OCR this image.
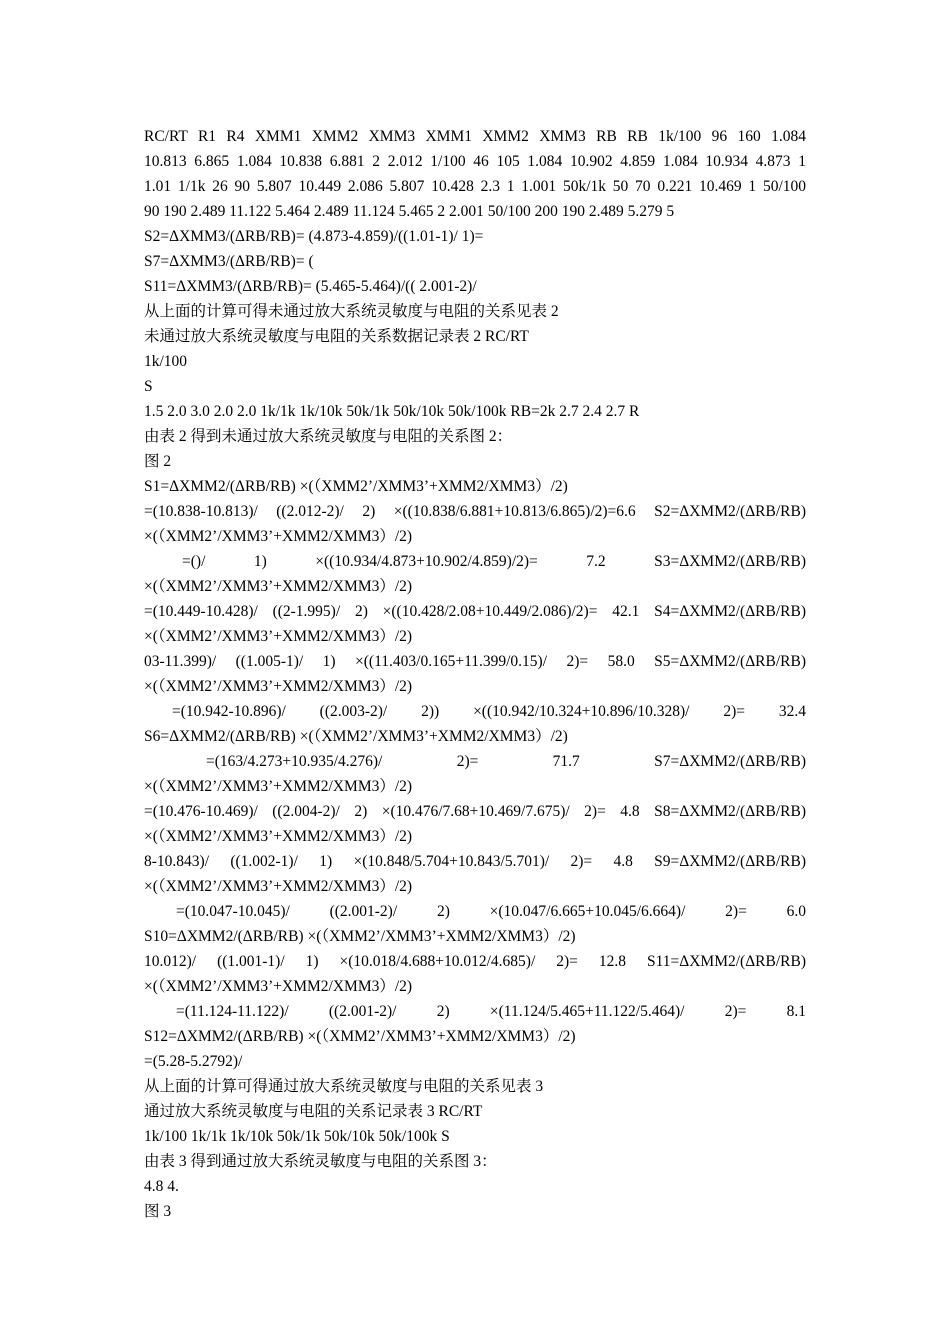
RC/RT R1 R4 XMM1 XMM2 XMM3 XMM1 XMM2 XMM3 RB RB 1k/100 96 160 1.084
10.813 6.865 1.084 10.838 6.881 2 2.012 1/100 46 105 1.084 10.902 4.859 1.084 10.934 4.873 1
1.01 1/1k 26 90 5.807 10.449 2.086 5.807 10.428 2.3 1 1.001 50k/1k 50 70 0.221 10.469 1 50/100
90 190 2.489 11.122 5.464 2.489 11.124 5.465 2 2.001 50/100 200 190 2.489 5.279 5
S2=ΔXMM3/(ΔRB/RB)= (4.873-4.859)/((1.01-1)/ 1)=
S7=ΔXMM3/(ΔRB/RB)= (
S11=ΔXMM3/(ΔRB/RB)= (5.465-5.464)/(( 2.001-2)/
从上面的计算可得未通过放大系统灵敏度与电阻的关系见表 2
未通过放大系统灵敏度与电阻的关系数据记录表 2 RC/RT
1k/100
S
1.5 2.0 3.0 2.0 2.0 1k/1k 1k/10k 50k/1k 50k/10k 50k/100k RB=2k 2.7 2.4 2.7 R
由表 2 得到未通过放大系统灵敏度与电阻的关系图 2：
图 2
S1=ΔXMM2/(ΔRB/RB) ×(（XMM2’/XMM3’+XMM2/XMM3）/2)
=(10.838-10.813)/ ((2.012-2)/ 2) ×((10.838/6.881+10.813/6.865)/2)=6.6 S2=ΔXMM2/(ΔRB/RB)
×(（XMM2’/XMM3’+XMM2/XMM3）/2)
=()/ 1) ×((10.934/4.873+10.902/4.859)/2)= 7.2 S3=ΔXMM2/(ΔRB/RB)
×(（XMM2’/XMM3’+XMM2/XMM3）/2)
=(10.449-10.428)/ ((2-1.995)/ 2) ×((10.428/2.08+10.449/2.086)/2)= 42.1 S4=ΔXMM2/(ΔRB/RB)
×(（XMM2’/XMM3’+XMM2/XMM3）/2)
03-11.399)/ ((1.005-1)/ 1) ×((11.403/0.165+11.399/0.15)/ 2)= 58.0 S5=ΔXMM2/(ΔRB/RB)
×(（XMM2’/XMM3’+XMM2/XMM3）/2)
=(10.942-10.896)/ ((2.003-2)/ 2)) ×((10.942/10.324+10.896/10.328)/ 2)= 32.4
S6=ΔXMM2/(ΔRB/RB) ×(（XMM2’/XMM3’+XMM2/XMM3）/2)
=(163/4.273+10.935/4.276)/ 2)= 71.7 S7=ΔXMM2/(ΔRB/RB)
×(（XMM2’/XMM3’+XMM2/XMM3）/2)
=(10.476-10.469)/ ((2.004-2)/ 2) ×(10.476/7.68+10.469/7.675)/ 2)= 4.8 S8=ΔXMM2/(ΔRB/RB)
×(（XMM2’/XMM3’+XMM2/XMM3）/2)
8-10.843)/ ((1.002-1)/ 1) ×(10.848/5.704+10.843/5.701)/ 2)= 4.8 S9=ΔXMM2/(ΔRB/RB)
×(（XMM2’/XMM3’+XMM2/XMM3）/2)
=(10.047-10.045)/ ((2.001-2)/ 2) ×(10.047/6.665+10.045/6.664)/ 2)= 6.0
S10=ΔXMM2/(ΔRB/RB) ×(（XMM2’/XMM3’+XMM2/XMM3）/2)
10.012)/ ((1.001-1)/ 1) ×(10.018/4.688+10.012/4.685)/ 2)= 12.8 S11=ΔXMM2/(ΔRB/RB)
×(（XMM2’/XMM3’+XMM2/XMM3）/2)
=(11.124-11.122)/ ((2.001-2)/ 2) ×(11.124/5.465+11.122/5.464)/ 2)= 8.1
S12=ΔXMM2/(ΔRB/RB) ×(（XMM2’/XMM3’+XMM2/XMM3）/2)
=(5.28-5.2792)/
从上面的计算可得通过放大系统灵敏度与电阻的关系见表 3
通过放大系统灵敏度与电阻的关系记录表 3 RC/RT
1k/100 1k/1k 1k/10k 50k/1k 50k/10k 50k/100k S
由表 3 得到通过放大系统灵敏度与电阻的关系图 3：
4.8 4.
图 3
